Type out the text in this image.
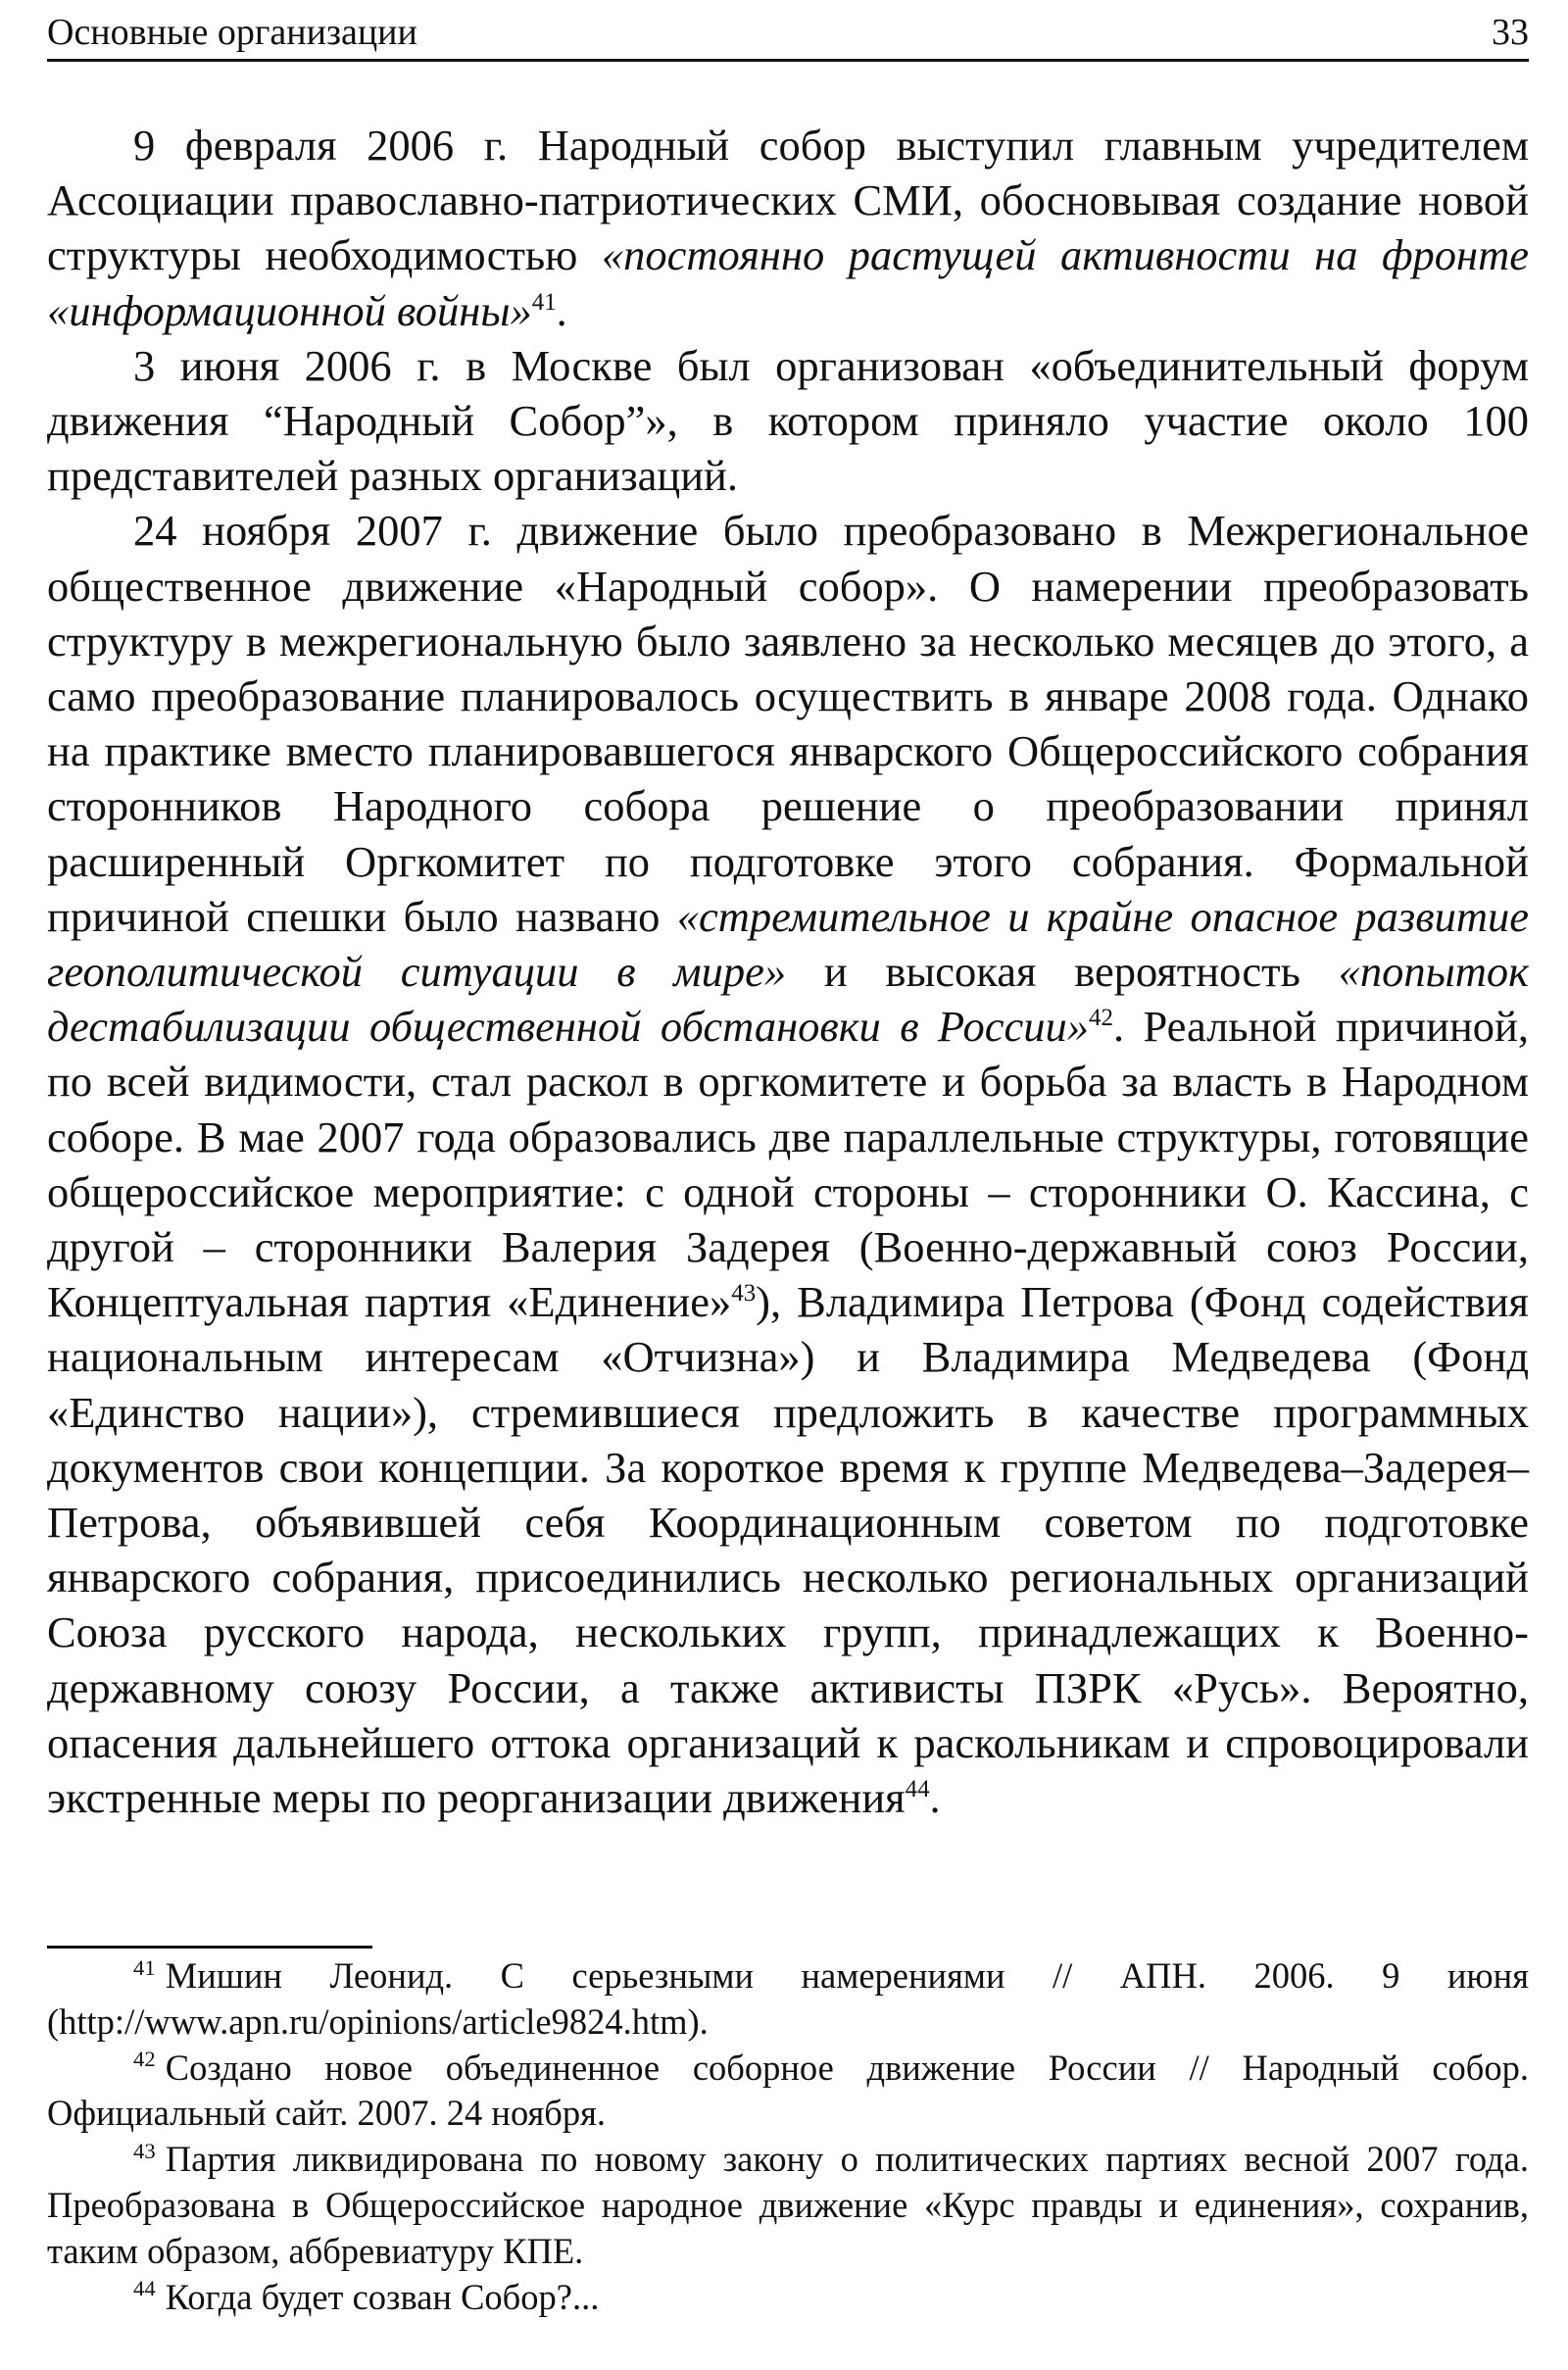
Основные организации	33

9 февраля 2006 г. Народный собор выступил главным учредителем Ассоциации православно-патриотических СМИ, обосновывая создание новой структуры необходимостью «постоянно растущей активности на фронте «информационной войны»$^{41}$.

3 июня 2006 г. в Москве был организован «объединительный форум движения “Народный Собор”», в котором приняло участие около 100 представителей разных организаций.

24 ноября 2007 г. движение было преобразовано в Межрегиональное общественное движение «Народный собор». О намерении преобразовать структуру в межрегиональную было заявлено за несколько месяцев до этого, а само преобразование планировалось осуществить в январе 2008 года. Однако на практике вместо планировавшегося январского Общероссийского собрания сторонников Народного собора решение о преобразовании принял расширенный Оргкомитет по подготовке этого собрания. Формальной причиной спешки было названо «стремительное и крайне опасное развитие геополитической ситуации в мире» и высокая вероятность «попыток дестабилизации общественной обстановки в России»$^{42}$. Реальной причиной, по всей видимости, стал раскол в оргкомитете и борьба за власть в Народном соборе. В мае 2007 года образовались две параллельные структуры, готовящие общероссийское мероприятие: с одной стороны – сторонники О. Кассина, с другой – сторонники Валерия Задерея (Военно-державный союз России, Концептуальная партия «Единение»$^{43}$), Владимира Петрова (Фонд содействия национальным интересам «Отчизна») и Владимира Медведева (Фонд «Единство нации»), стремившиеся предложить в качестве программных документов свои концепции. За короткое время к группе Медведева–Задерея–Петрова, объявившей себя Координационным советом по подготовке январского собрания, присоединились несколько региональных организаций Союза русского народа, нескольких групп, принадлежащих к Военно-державному союзу России, а также активисты ПЗРК «Русь». Вероятно, опасения дальнейшего оттока организаций к раскольникам и спровоцировали экстренные меры по реорганизации движения$^{44}$.

$^{41}$ Мишин Леонид. С серьезными намерениями // АПН. 2006. 9 июня (http://www.apn.ru/opinions/article9824.htm).

$^{42}$ Создано новое объединенное соборное движение России // Народный собор. Официальный сайт. 2007. 24 ноября.

$^{43}$ Партия ликвидирована по новому закону о политических партиях весной 2007 года. Преобразована в Общероссийское народное движение «Курс правды и единения», сохранив, таким образом, аббревиатуру КПЕ.

$^{44}$ Когда будет созван Собор?...
